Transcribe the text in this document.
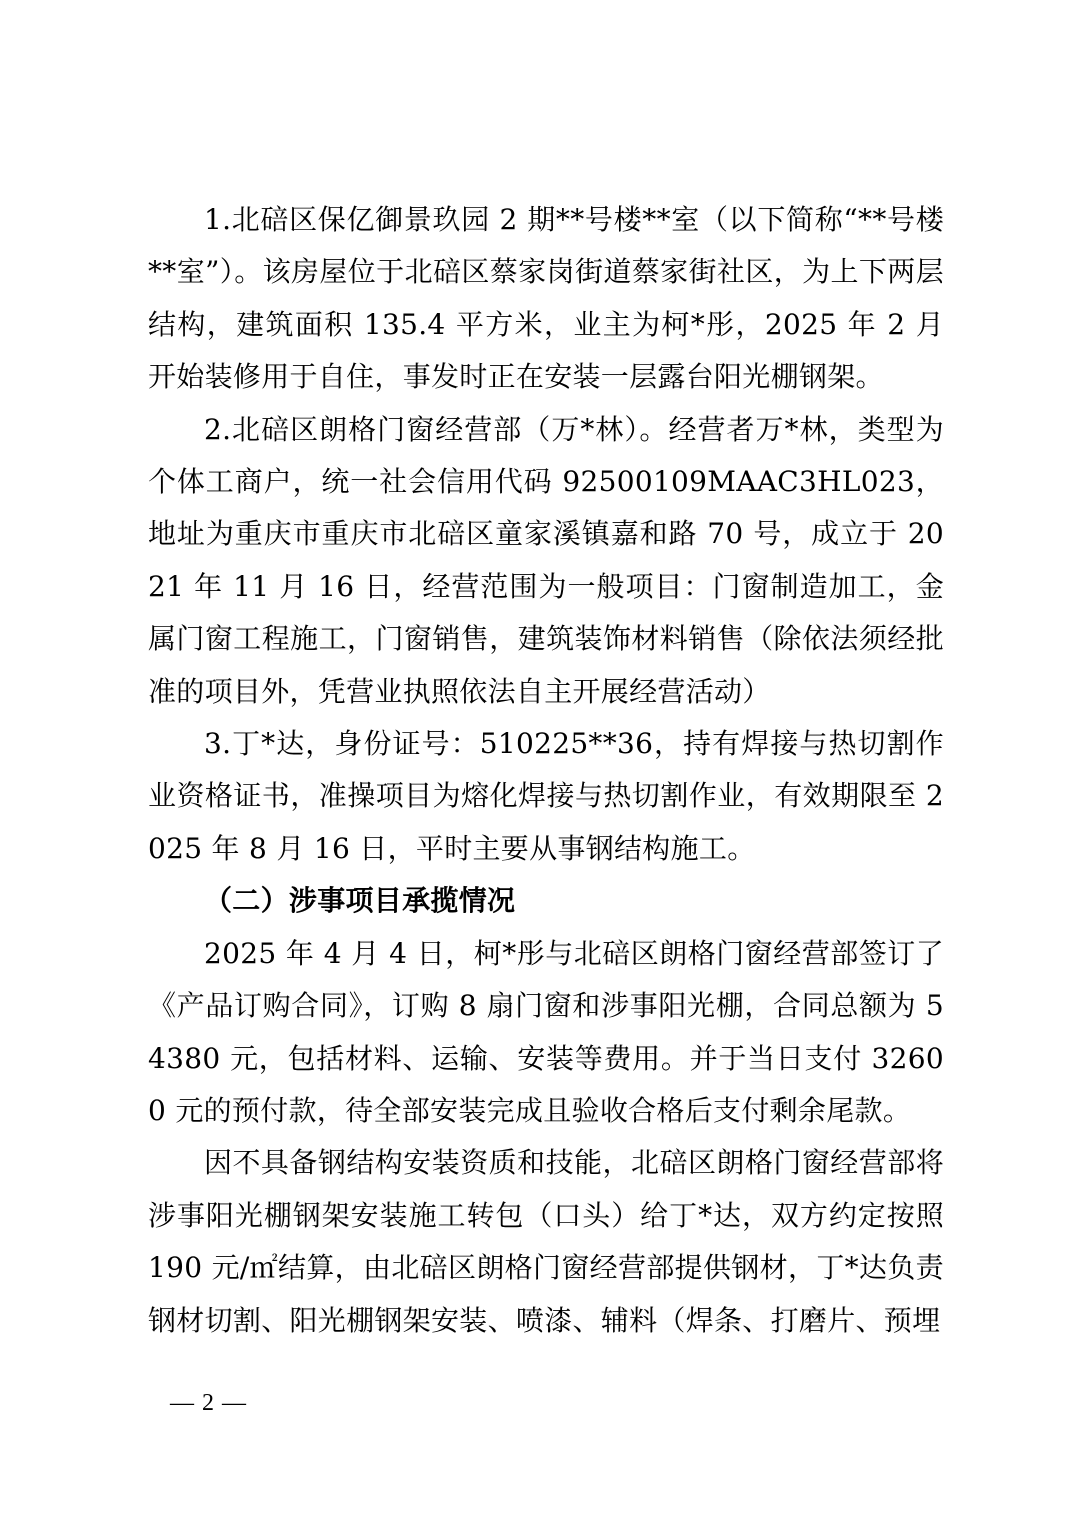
1.北碚区保亿御景玖园 2 期**号楼**室（以下简称“**号楼**室”）。该房屋位于北碚区蔡家岗街道蔡家街社区，为上下两层结构，建筑面积 135.4 平方米，业主为柯*彤，2025 年 2 月开始装修用于自住，事发时正在安装一层露台阳光棚钢架。

2.北碚区朗格门窗经营部（万*林）。经营者万*林，类型为个体工商户，统一社会信用代码 92500109MAAC3HL023，地址为重庆市重庆市北碚区童家溪镇嘉和路 70 号，成立于 2021 年 11 月 16 日，经营范围为一般项目：门窗制造加工，金属门窗工程施工，门窗销售，建筑装饰材料销售（除依法须经批准的项目外，凭营业执照依法自主开展经营活动）

3.丁*达，身份证号：510225**36，持有焊接与热切割作业资格证书，准操项目为熔化焊接与热切割作业，有效期限至 2025 年 8 月 16 日，平时主要从事钢结构施工。

（二）涉事项目承揽情况

2025 年 4 月 4 日，柯*彤与北碚区朗格门窗经营部签订了《产品订购合同》，订购 8 扇门窗和涉事阳光棚，合同总额为 54380 元，包括材料、运输、安装等费用。并于当日支付 32600 元的预付款，待全部安装完成且验收合格后支付剩余尾款。

因不具备钢结构安装资质和技能，北碚区朗格门窗经营部将涉事阳光棚钢架安装施工转包（口头）给丁*达，双方约定按照 190 元/㎡结算，由北碚区朗格门窗经营部提供钢材，丁*达负责钢材切割、阳光棚钢架安装、喷漆、辅料（焊条、打磨片、预埋

— 2 —
